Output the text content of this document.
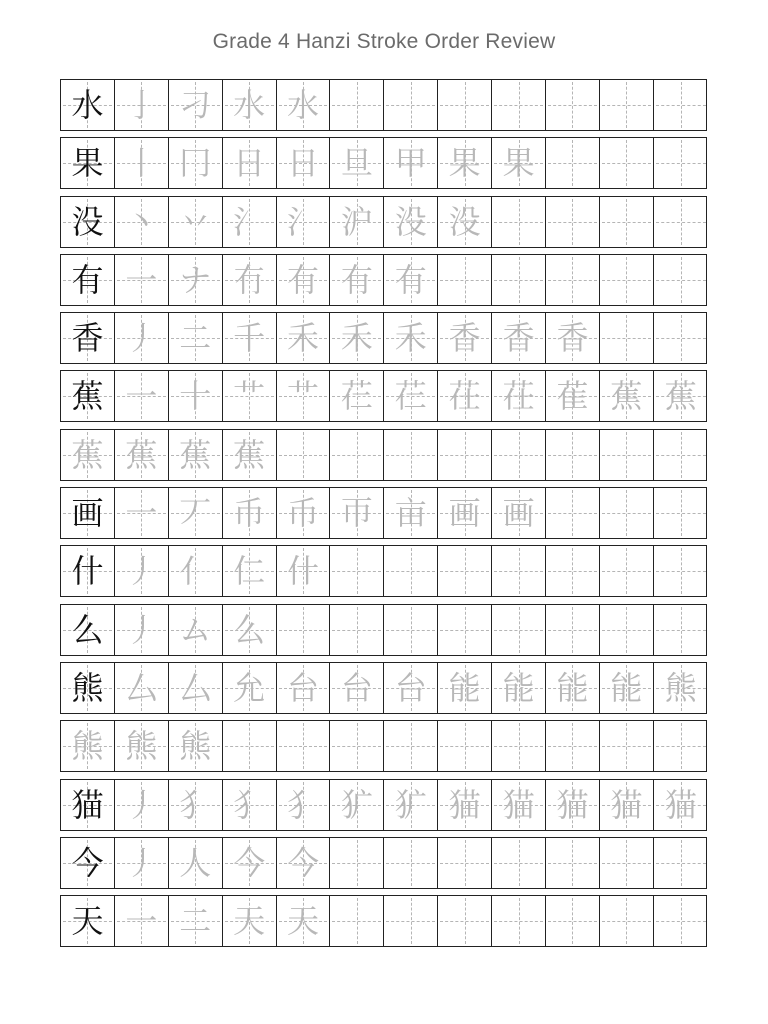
Grade 4 Hanzi Stroke Order Review
水 亅 刁 水 水
果 丨 冂 日 日 旦 甲 果 果
没 丶 丷 氵 氵 沪 没 没
有 一 ナ 冇 有 有 有
香 丿 二 千 禾 禾 禾 香 香 香
蕉 一 十 艹 艹 芢 芢 茌 茌 萑 蕉 蕉
蕉 蕉 蕉 蕉
画 一 丆 币 币 帀 亩 画 画
什 丿 亻 仁 什
么 丿 ム 么
熊 厶 厶 允 台 台 台 能 能 能 能 熊
熊 熊 熊
猫 丿 犭 犭 犭 犷 犷 猫 猫 猫 猫 猫
今 丿 人 今 今
天 一 二 天 天
